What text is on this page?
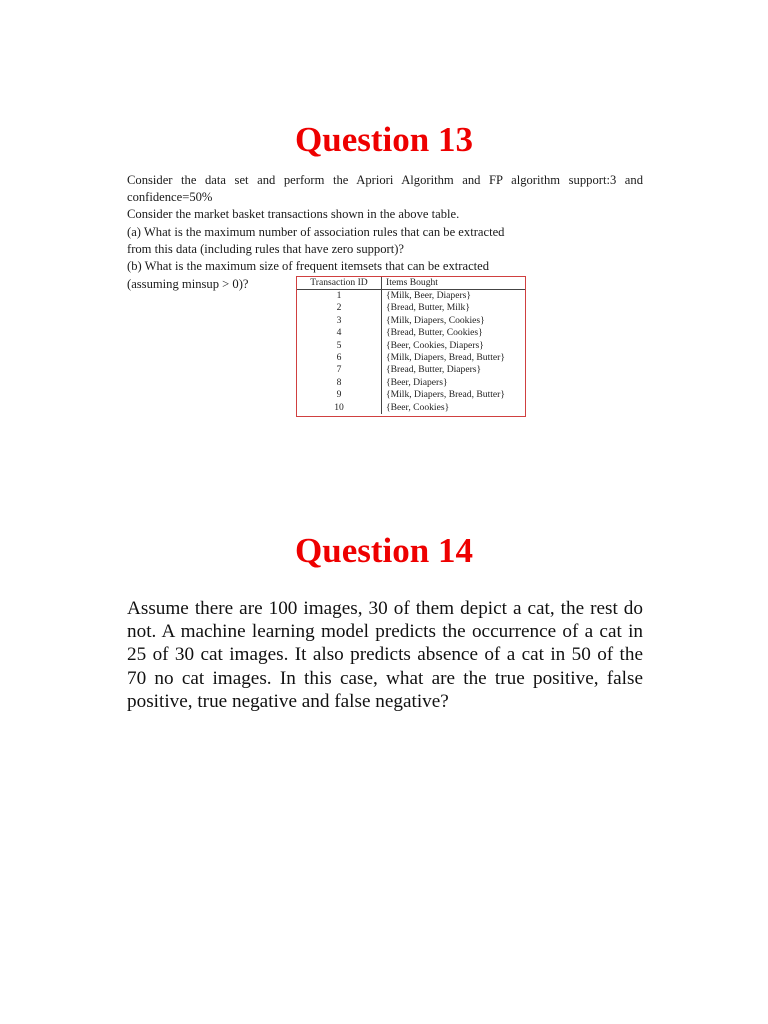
Question 13

Consider the data set and perform the Apriori Algorithm and FP algorithm support:3 and

confidence=50%

Consider the market basket transactions shown in the above table.

(a) What is the maximum number of association rules that can be extracted

from this data (including rules that have zero support)?

(b) What is the maximum size of frequent itemsets that can be extracted

(assuming minsup > 0)?	Transaction ID	Items Bought
1	{Milk, Beer, Diapers}
2	{Bread, Butter, Milk}
3	{Milk, Diapers, Cookies}
4	{Bread, Butter, Cookies}
5	{Beer, Cookies, Diapers}
6	{Milk, Diapers, Bread, Butter}
7	{Bread, Butter, Diapers}
8	{Beer, Diapers}
9	{Milk, Diapers, Bread, Butter}
10	{Beer, Cookies}
Question 14

Assume there are 100 images, 30 of them depict a cat, the rest do not. A machine learning model predicts the occurrence of a cat in 25 of 30 cat images. It also predicts absence of a cat in 50 of the 70 no cat images. In this case, what are the true positive, false positive, true negative and false negative?
